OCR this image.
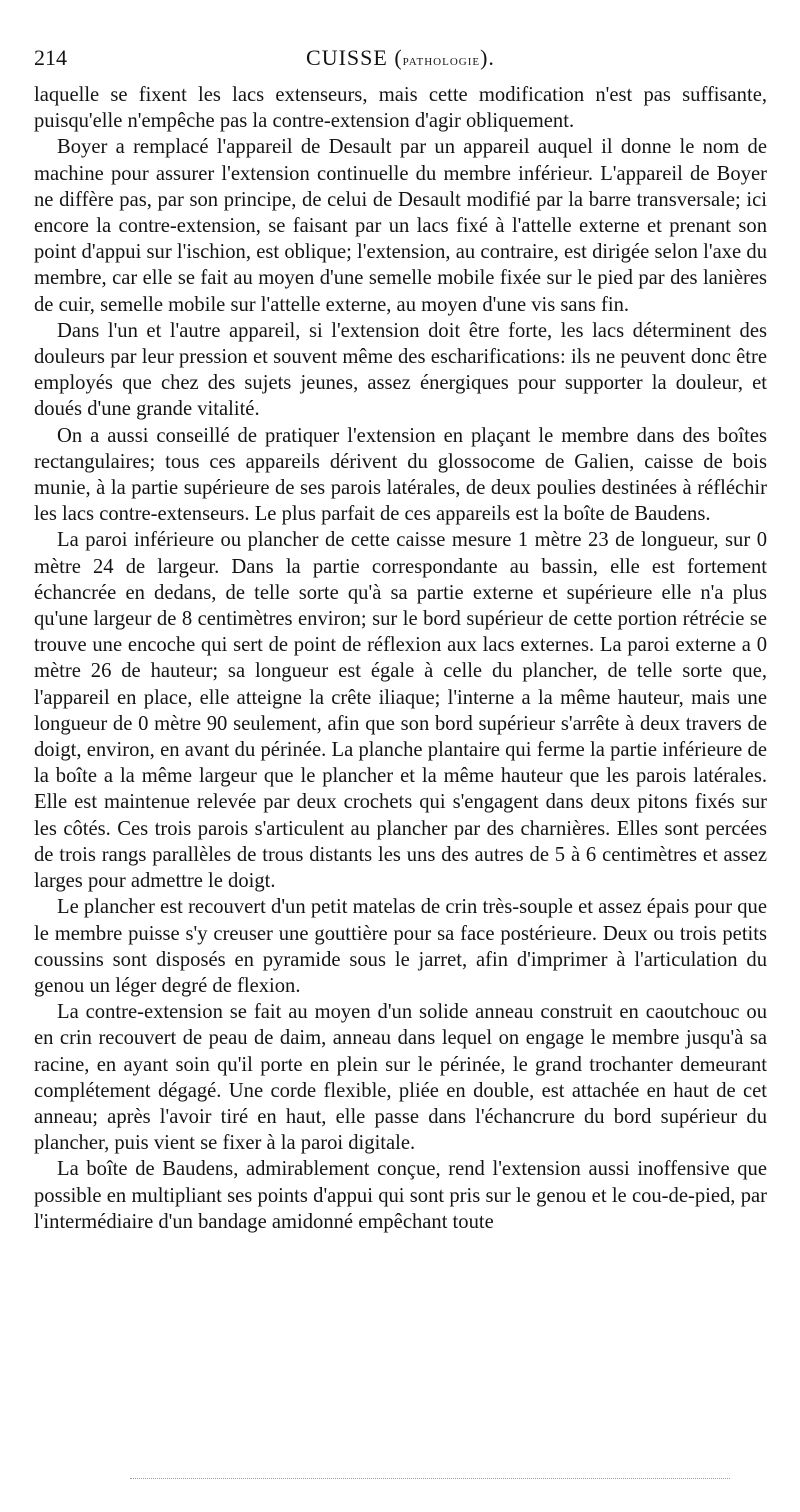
214	CUISSE (pathologie).

laquelle se fixent les lacs extenseurs, mais cette modification n'est pas suffisante, puisqu'elle n'empêche pas la contre-extension d'agir obliquement.

Boyer a remplacé l'appareil de Desault par un appareil auquel il donne le nom de machine pour assurer l'extension continuelle du membre inférieur. L'appareil de Boyer ne diffère pas, par son principe, de celui de Desault modifié par la barre transversale; ici encore la contre-extension, se faisant par un lacs fixé à l'attelle externe et prenant son point d'appui sur l'ischion, est oblique; l'extension, au contraire, est dirigée selon l'axe du membre, car elle se fait au moyen d'une semelle mobile fixée sur le pied par des lanières de cuir, semelle mobile sur l'attelle externe, au moyen d'une vis sans fin.

Dans l'un et l'autre appareil, si l'extension doit être forte, les lacs déterminent des douleurs par leur pression et souvent même des escharifications: ils ne peuvent donc être employés que chez des sujets jeunes, assez énergiques pour supporter la douleur, et doués d'une grande vitalité.

On a aussi conseillé de pratiquer l'extension en plaçant le membre dans des boîtes rectangulaires; tous ces appareils dérivent du glossocome de Galien, caisse de bois munie, à la partie supérieure de ses parois latérales, de deux poulies destinées à réfléchir les lacs contre-extenseurs. Le plus parfait de ces appareils est la boîte de Baudens.

La paroi inférieure ou plancher de cette caisse mesure 1 mètre 23 de longueur, sur 0 mètre 24 de largeur. Dans la partie correspondante au bassin, elle est fortement échancrée en dedans, de telle sorte qu'à sa partie externe et supérieure elle n'a plus qu'une largeur de 8 centimètres environ; sur le bord supérieur de cette portion rétrécie se trouve une encoche qui sert de point de réflexion aux lacs externes. La paroi externe a 0 mètre 26 de hauteur; sa longueur est égale à celle du plancher, de telle sorte que, l'appareil en place, elle atteigne la crête iliaque; l'interne a la même hauteur, mais une longueur de 0 mètre 90 seulement, afin que son bord supérieur s'arrête à deux travers de doigt, environ, en avant du périnée. La planche plantaire qui ferme la partie inférieure de la boîte a la même largeur que le plancher et la même hauteur que les parois latérales. Elle est maintenue relevée par deux crochets qui s'engagent dans deux pitons fixés sur les côtés. Ces trois parois s'articulent au plancher par des charnières. Elles sont percées de trois rangs parallèles de trous distants les uns des autres de 5 à 6 centimètres et assez larges pour admettre le doigt.

Le plancher est recouvert d'un petit matelas de crin très-souple et assez épais pour que le membre puisse s'y creuser une gouttière pour sa face postérieure. Deux ou trois petits coussins sont disposés en pyramide sous le jarret, afin d'imprimer à l'articulation du genou un léger degré de flexion.

La contre-extension se fait au moyen d'un solide anneau construit en caoutchouc ou en crin recouvert de peau de daim, anneau dans lequel on engage le membre jusqu'à sa racine, en ayant soin qu'il porte en plein sur le périnée, le grand trochanter demeurant complétement dégagé. Une corde flexible, pliée en double, est attachée en haut de cet anneau; après l'avoir tiré en haut, elle passe dans l'échancrure du bord supérieur du plancher, puis vient se fixer à la paroi digitale.

La boîte de Baudens, admirablement conçue, rend l'extension aussi inoffensive que possible en multipliant ses points d'appui qui sont pris sur le genou et le cou-de-pied, par l'intermédiaire d'un bandage amidonné empêchant toute
